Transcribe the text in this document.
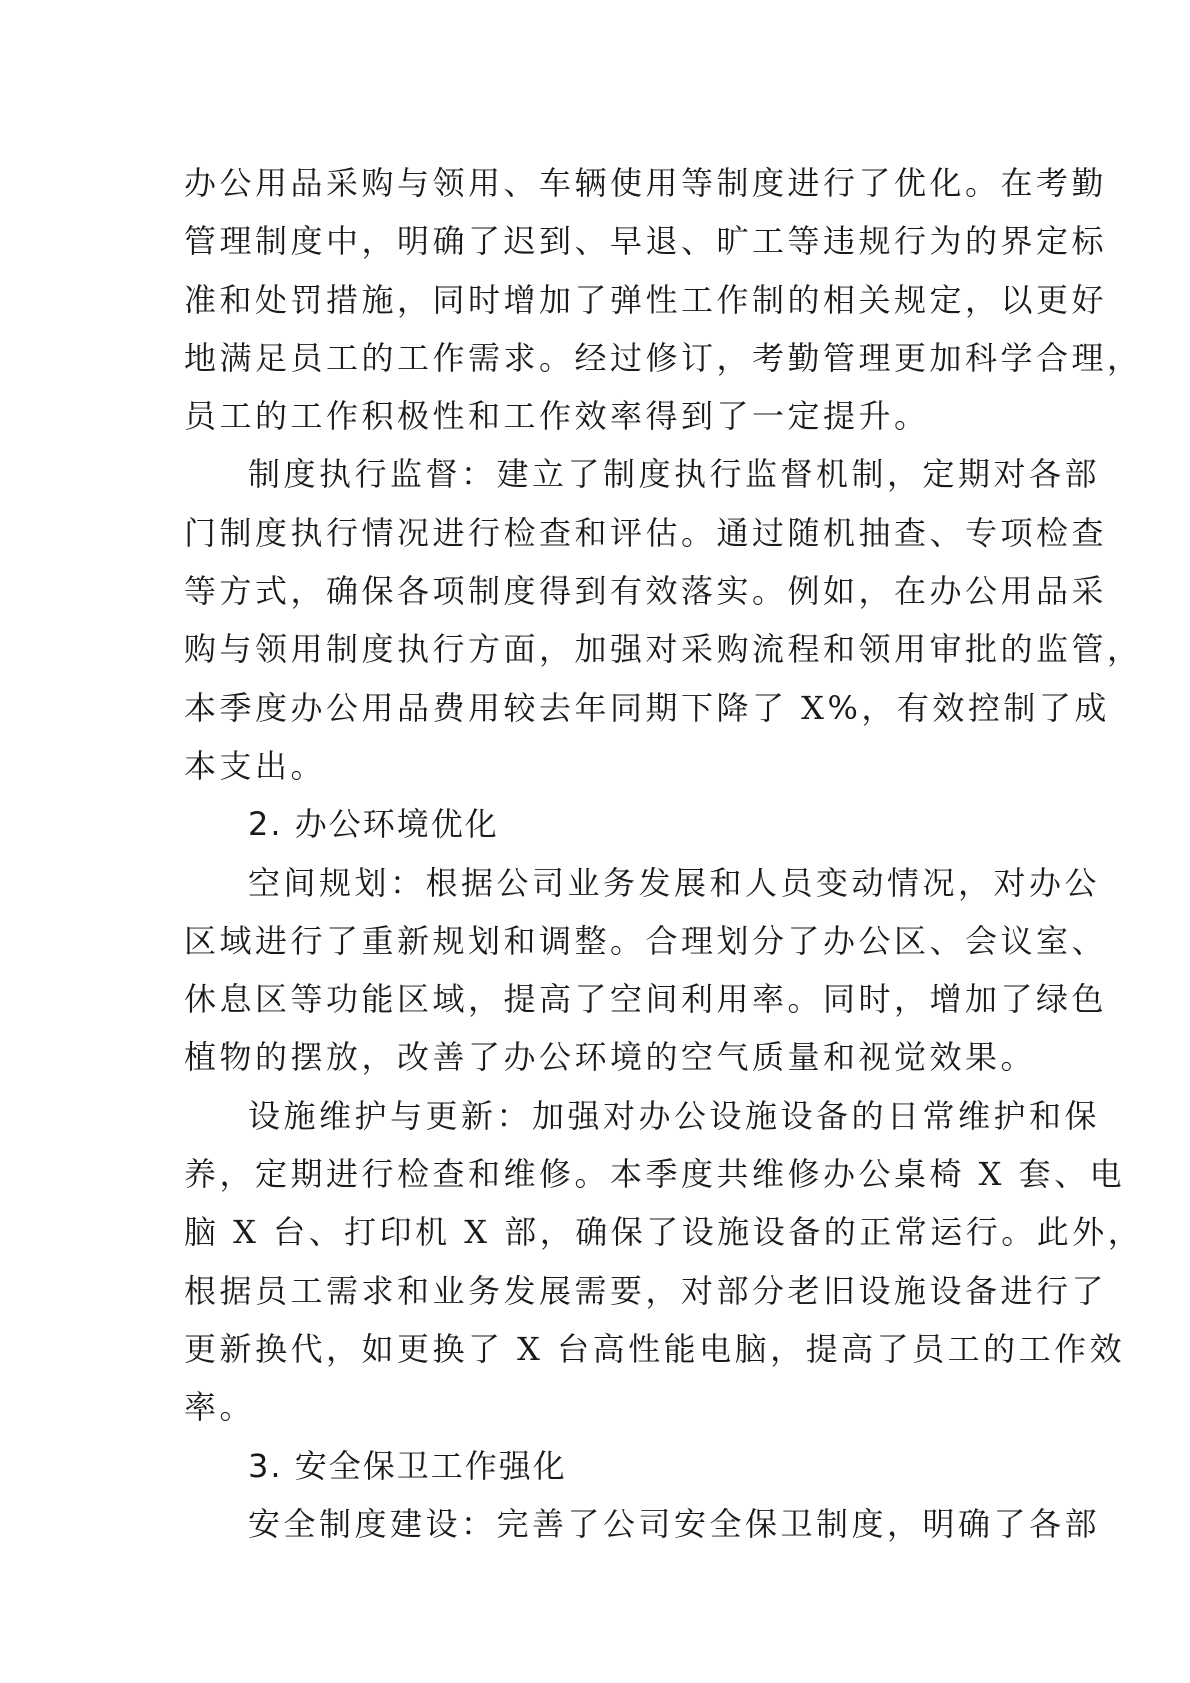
办公用品采购与领用、车辆使用等制度进行了优化。在考勤
管理制度中，明确了迟到、早退、旷工等违规行为的界定标
准和处罚措施，同时增加了弹性工作制的相关规定，以更好
地满足员工的工作需求。经过修订，考勤管理更加科学合理，
员工的工作积极性和工作效率得到了一定提升。

制度执行监督：建立了制度执行监督机制，定期对各部
门制度执行情况进行检查和评估。通过随机抽查、专项检查
等方式，确保各项制度得到有效落实。例如，在办公用品采
购与领用制度执行方面，加强对采购流程和领用审批的监管，
本季度办公用品费用较去年同期下降了 X%，有效控制了成
本支出。

2. 办公环境优化

空间规划：根据公司业务发展和人员变动情况，对办公
区域进行了重新规划和调整。合理划分了办公区、会议室、
休息区等功能区域，提高了空间利用率。同时，增加了绿色
植物的摆放，改善了办公环境的空气质量和视觉效果。

设施维护与更新：加强对办公设施设备的日常维护和保
养，定期进行检查和维修。本季度共维修办公桌椅 X 套、电
脑 X 台、打印机 X 部，确保了设施设备的正常运行。此外，
根据员工需求和业务发展需要，对部分老旧设施设备进行了
更新换代，如更换了 X 台高性能电脑，提高了员工的工作效
率。

3. 安全保卫工作强化

安全制度建设：完善了公司安全保卫制度，明确了各部
